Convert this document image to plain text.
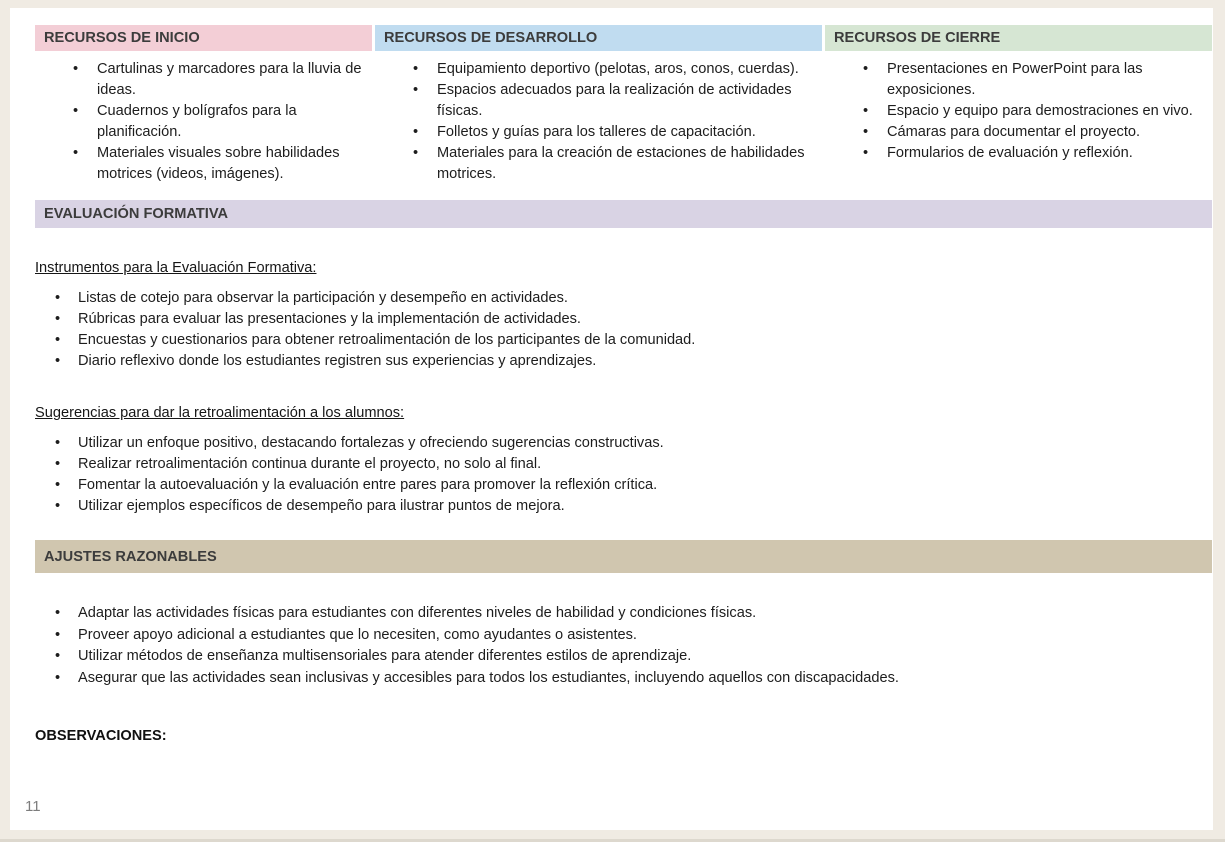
RECURSOS DE INICIO
• Cartulinas y marcadores para la lluvia de ideas.
• Cuadernos y bolígrafos para la planificación.
• Materiales visuales sobre habilidades motrices (videos, imágenes).
RECURSOS DE DESARROLLO
• Equipamiento deportivo (pelotas, aros, conos, cuerdas).
• Espacios adecuados para la realización de actividades físicas.
• Folletos y guías para los talleres de capacitación.
• Materiales para la creación de estaciones de habilidades motrices.
RECURSOS DE CIERRE
• Presentaciones en PowerPoint para las exposiciones.
• Espacio y equipo para demostraciones en vivo.
• Cámaras para documentar el proyecto.
• Formularios de evaluación y reflexión.
EVALUACIÓN FORMATIVA
Instrumentos para la Evaluación Formativa:
• Listas de cotejo para observar la participación y desempeño en actividades.
• Rúbricas para evaluar las presentaciones y la implementación de actividades.
• Encuestas y cuestionarios para obtener retroalimentación de los participantes de la comunidad.
• Diario reflexivo donde los estudiantes registren sus experiencias y aprendizajes.
Sugerencias para dar la retroalimentación a los alumnos:
• Utilizar un enfoque positivo, destacando fortalezas y ofreciendo sugerencias constructivas.
• Realizar retroalimentación continua durante el proyecto, no solo al final.
• Fomentar la autoevaluación y la evaluación entre pares para promover la reflexión crítica.
• Utilizar ejemplos específicos de desempeño para ilustrar puntos de mejora.
AJUSTES RAZONABLES
• Adaptar las actividades físicas para estudiantes con diferentes niveles de habilidad y condiciones físicas.
• Proveer apoyo adicional a estudiantes que lo necesiten, como ayudantes o asistentes.
• Utilizar métodos de enseñanza multisensoriales para atender diferentes estilos de aprendizaje.
• Asegurar que las actividades sean inclusivas y accesibles para todos los estudiantes, incluyendo aquellos con discapacidades.
OBSERVACIONES:
11
